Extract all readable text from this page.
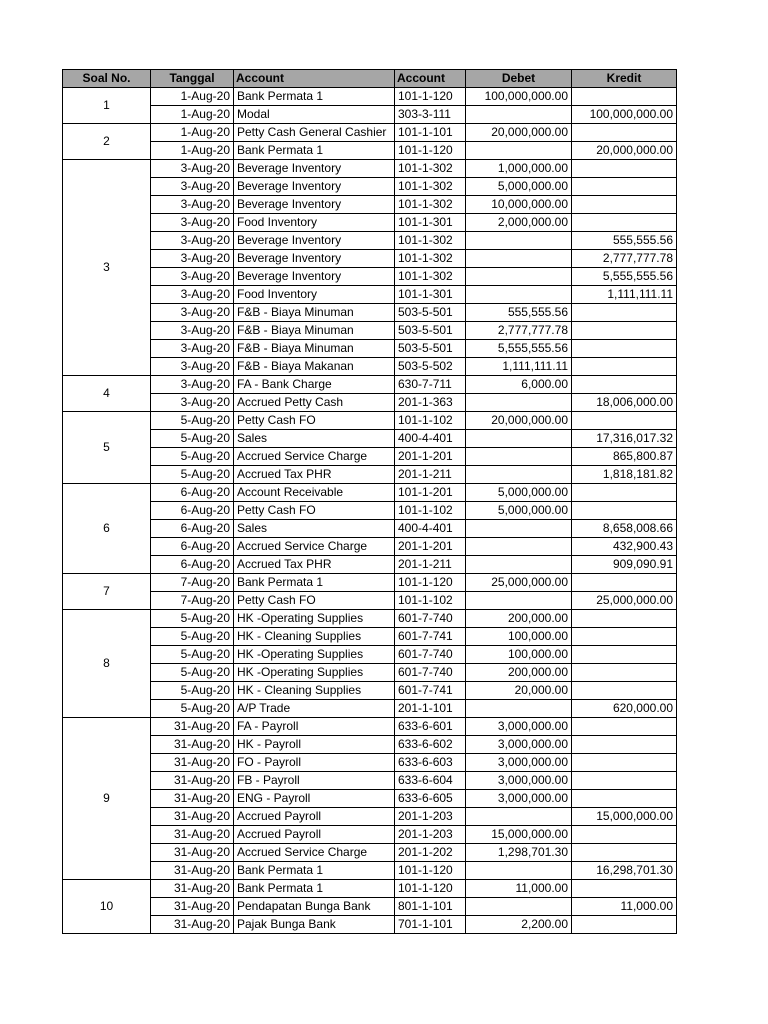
Soal No.	Tanggal	Account	Account	Debet	Kredit
1	1-Aug-20	Bank Permata 1	101-1-120	100,000,000.00	
	1-Aug-20	Modal	303-3-111		100,000,000.00
2	1-Aug-20	Petty Cash General Cashier	101-1-101	20,000,000.00	
	1-Aug-20	Bank Permata 1	101-1-120		20,000,000.00
3	3-Aug-20	Beverage Inventory	101-1-302	1,000,000.00	
	3-Aug-20	Beverage Inventory	101-1-302	5,000,000.00	
	3-Aug-20	Beverage Inventory	101-1-302	10,000,000.00	
	3-Aug-20	Food Inventory	101-1-301	2,000,000.00	
	3-Aug-20	Beverage Inventory	101-1-302		555,555.56
	3-Aug-20	Beverage Inventory	101-1-302		2,777,777.78
	3-Aug-20	Beverage Inventory	101-1-302		5,555,555.56
	3-Aug-20	Food Inventory	101-1-301		1,111,111.11
	3-Aug-20	F&B - Biaya Minuman	503-5-501	555,555.56	
	3-Aug-20	F&B - Biaya Minuman	503-5-501	2,777,777.78	
	3-Aug-20	F&B - Biaya Minuman	503-5-501	5,555,555.56	
	3-Aug-20	F&B - Biaya Makanan	503-5-502	1,111,111.11	
4	3-Aug-20	FA - Bank Charge	630-7-711	6,000.00	
	3-Aug-20	Accrued Petty Cash	201-1-363		18,006,000.00
5	5-Aug-20	Petty Cash FO	101-1-102	20,000,000.00	
	5-Aug-20	Sales	400-4-401		17,316,017.32
	5-Aug-20	Accrued Service Charge	201-1-201		865,800.87
	5-Aug-20	Accrued Tax PHR	201-1-211		1,818,181.82
6	6-Aug-20	Account Receivable	101-1-201	5,000,000.00	
	6-Aug-20	Petty Cash FO	101-1-102	5,000,000.00	
	6-Aug-20	Sales	400-4-401		8,658,008.66
	6-Aug-20	Accrued Service Charge	201-1-201		432,900.43
	6-Aug-20	Accrued Tax PHR	201-1-211		909,090.91
7	7-Aug-20	Bank Permata 1	101-1-120	25,000,000.00	
	7-Aug-20	Petty Cash FO	101-1-102		25,000,000.00
8	5-Aug-20	HK -Operating Supplies	601-7-740	200,000.00	
	5-Aug-20	HK - Cleaning Supplies	601-7-741	100,000.00	
	5-Aug-20	HK -Operating Supplies	601-7-740	100,000.00	
	5-Aug-20	HK -Operating Supplies	601-7-740	200,000.00	
	5-Aug-20	HK - Cleaning Supplies	601-7-741	20,000.00	
	5-Aug-20	A/P Trade	201-1-101		620,000.00
9	31-Aug-20	FA - Payroll	633-6-601	3,000,000.00	
	31-Aug-20	HK - Payroll	633-6-602	3,000,000.00	
	31-Aug-20	FO - Payroll	633-6-603	3,000,000.00	
	31-Aug-20	FB - Payroll	633-6-604	3,000,000.00	
	31-Aug-20	ENG - Payroll	633-6-605	3,000,000.00	
	31-Aug-20	Accrued Payroll	201-1-203		15,000,000.00
	31-Aug-20	Accrued Payroll	201-1-203	15,000,000.00	
	31-Aug-20	Accrued Service Charge	201-1-202	1,298,701.30	
	31-Aug-20	Bank Permata 1	101-1-120		16,298,701.30
10	31-Aug-20	Bank Permata 1	101-1-120	11,000.00	
	31-Aug-20	Pendapatan Bunga Bank	801-1-101		11,000.00
	31-Aug-20	Pajak Bunga Bank	701-1-101	2,200.00	
